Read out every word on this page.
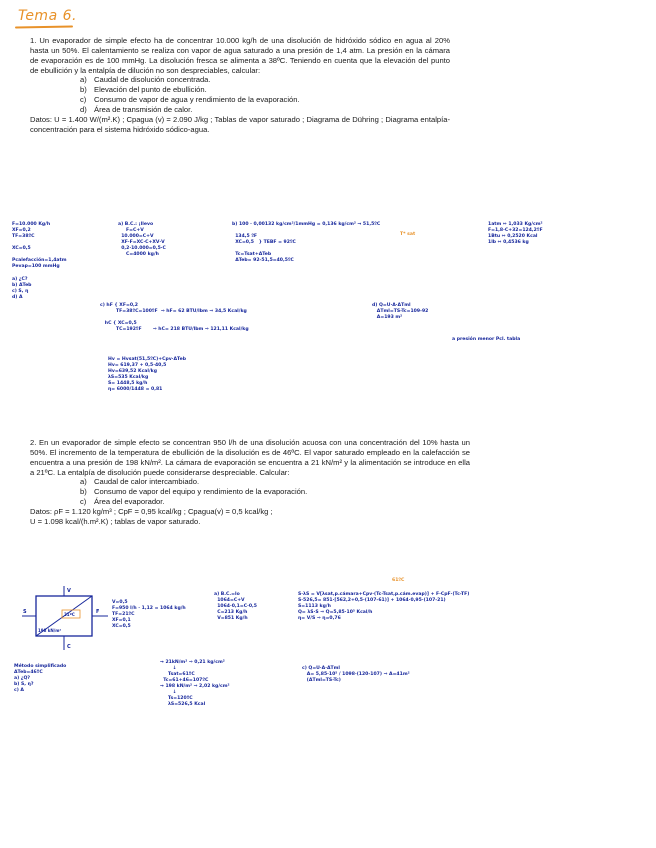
Tema 6.

1. Un evaporador de simple efecto ha de concentrar 10.000 kg/h de una disolución de hidróxido sódico en agua al 20% hasta un 50%. El calentamiento se realiza con vapor de agua saturado a una presión de 1,4 atm. La presión en la cámara de evaporación es de 100 mmHg. La disolución fresca se alimenta a 38ºC. Teniendo en cuenta que la elevación del punto de ebullición y la entalpía de dilución no son despreciables, calcular:

a) Caudal de disolución concentrada.
b) Elevación del punto de ebullición.
c) Consumo de vapor de agua y rendimiento de la evaporación.
d) Área de transmisión de calor.

Datos: U = 1.400 W/(m².K) ; Cpagua (v) = 2.090 J/kg ; Tablas de vapor saturado ; Diagrama de Dühring ; Diagrama entalpía-concentración para el sistema hidróxido sódico-agua.

F=10.000 Kg/h
XF=0,2
TF=38ºC

XC=0,5

Pcalefacción=1,4atm
Pevap=100 mmHg

a) ¿C?
b) ΔTeb
c) S, η
d) A
a) B.C.: ¡llevo
F=C+V
10.000=C+V
XF·F=XC·C+XV·V
0,2·10.000=0,5·C
C=4000 kg/h
b) 100 · 0,00132 kg/cm²/1mmHg = 0,136 kg/cm² → 51,5ºC

134,5 ºF
XC=0,5   } TEBF = 92ºC

Tc=Tsat+ΔTeb
ΔTeb= 92-51,5=40,5ºC
T* sat
1atm ⇔ 1,033 Kg/cm²
F=1,8·C+32=124,2ºF
1Btu ⇔ 0,2520 Kcal
1lb ⇔ 0,4536 kg
c) hF { XF=0,2
TF=38ºC=100ºF  ⇒ hF= 62 BTU/lbm ⇒ 34,5 Kcal/kg

hC { XC=0,5
TC=192ºF       ⇒ hC= 218 BTU/lbm ⇒ 121,11 Kcal/kg
d) Q=U·A·ΔTml
ΔTml=TS-Tc=109-92
A=193 m²
a presión menor Pcl. tabla
Hv = Hvsat(51,5ºC)+Cpv·ΔTeb
Hv= 619,37 + 0,5·40,5
Hv=639,52 Kcal/kg
λS=535 Kcal/kg
S= 1448,5 kg/h
η= 6000/1448 = 0,81

2. En un evaporador de simple efecto se concentran 950 l/h de una disolución acuosa con una concentración del 10% hasta un 50%. El incremento de la temperatura de ebullición de la disolución es de 46ºC. El vapor saturado empleado en la calefacción se encuentra a una presión de 198 kN/m². La cámara de evaporación se encuentra a 21 kN/m² y la alimentación se introduce en ella a 21ºC. La entalpía de disolución puede considerarse despreciable. Calcular:

a) Caudal de calor intercambiado.
b) Consumo de vapor del equipo y rendimiento de la evaporación.
c) Área del evaporador.

Datos: ρF = 1.120 kg/m³ ; CpF = 0,95 kcal/kg ; Cpagua(v) = 0,5 kcal/kg ;

U = 1.098 kcal/(h.m².K) ; tablas de vapor saturado.

S
V
F
C
21ºC
198 kN/m²
V=0,5
F=950 l/h · 1,12 = 1064 kg/h
TF=21ºC
XF=0,1
XC=0,5
Método simplificado
ΔTeb=46ºC
a) ¿Q?
b) S, η?
c) A
a) B.C.=lo
1064=C+V
1064·0,1=C·0,5
C=213 Kg/h
V=851 Kg/h
61ºC
S·λS = V[λsat,p.cámara+Cpv·(Tc-Tsat,p.cám.evap)] + F·CpF·(Tc-TF)
S·526,5= 851·[562,2+0,5·(107-61)] + 1064·0,95·(107-21)
S=1113 kg/h
Q= λS·S ⇒ Q=5,85·10⁵ Kcal/h
η= V/S ⇒ η=0,76
→ 21kN/m² ⇒ 0,21 kg/cm²
↓
Tsat=61ºC
Tc=61+46=107ºC
→ 198 kN/m² ⇒ 2,02 kg/cm²
↓
Ts=120ºC
λS=526,5 Kcal
c) Q=U·A·ΔTml
A= 5,85·10⁵ / 1098·(120-107) ⇒ A=41m²
(ΔTml=TS-Tc)
